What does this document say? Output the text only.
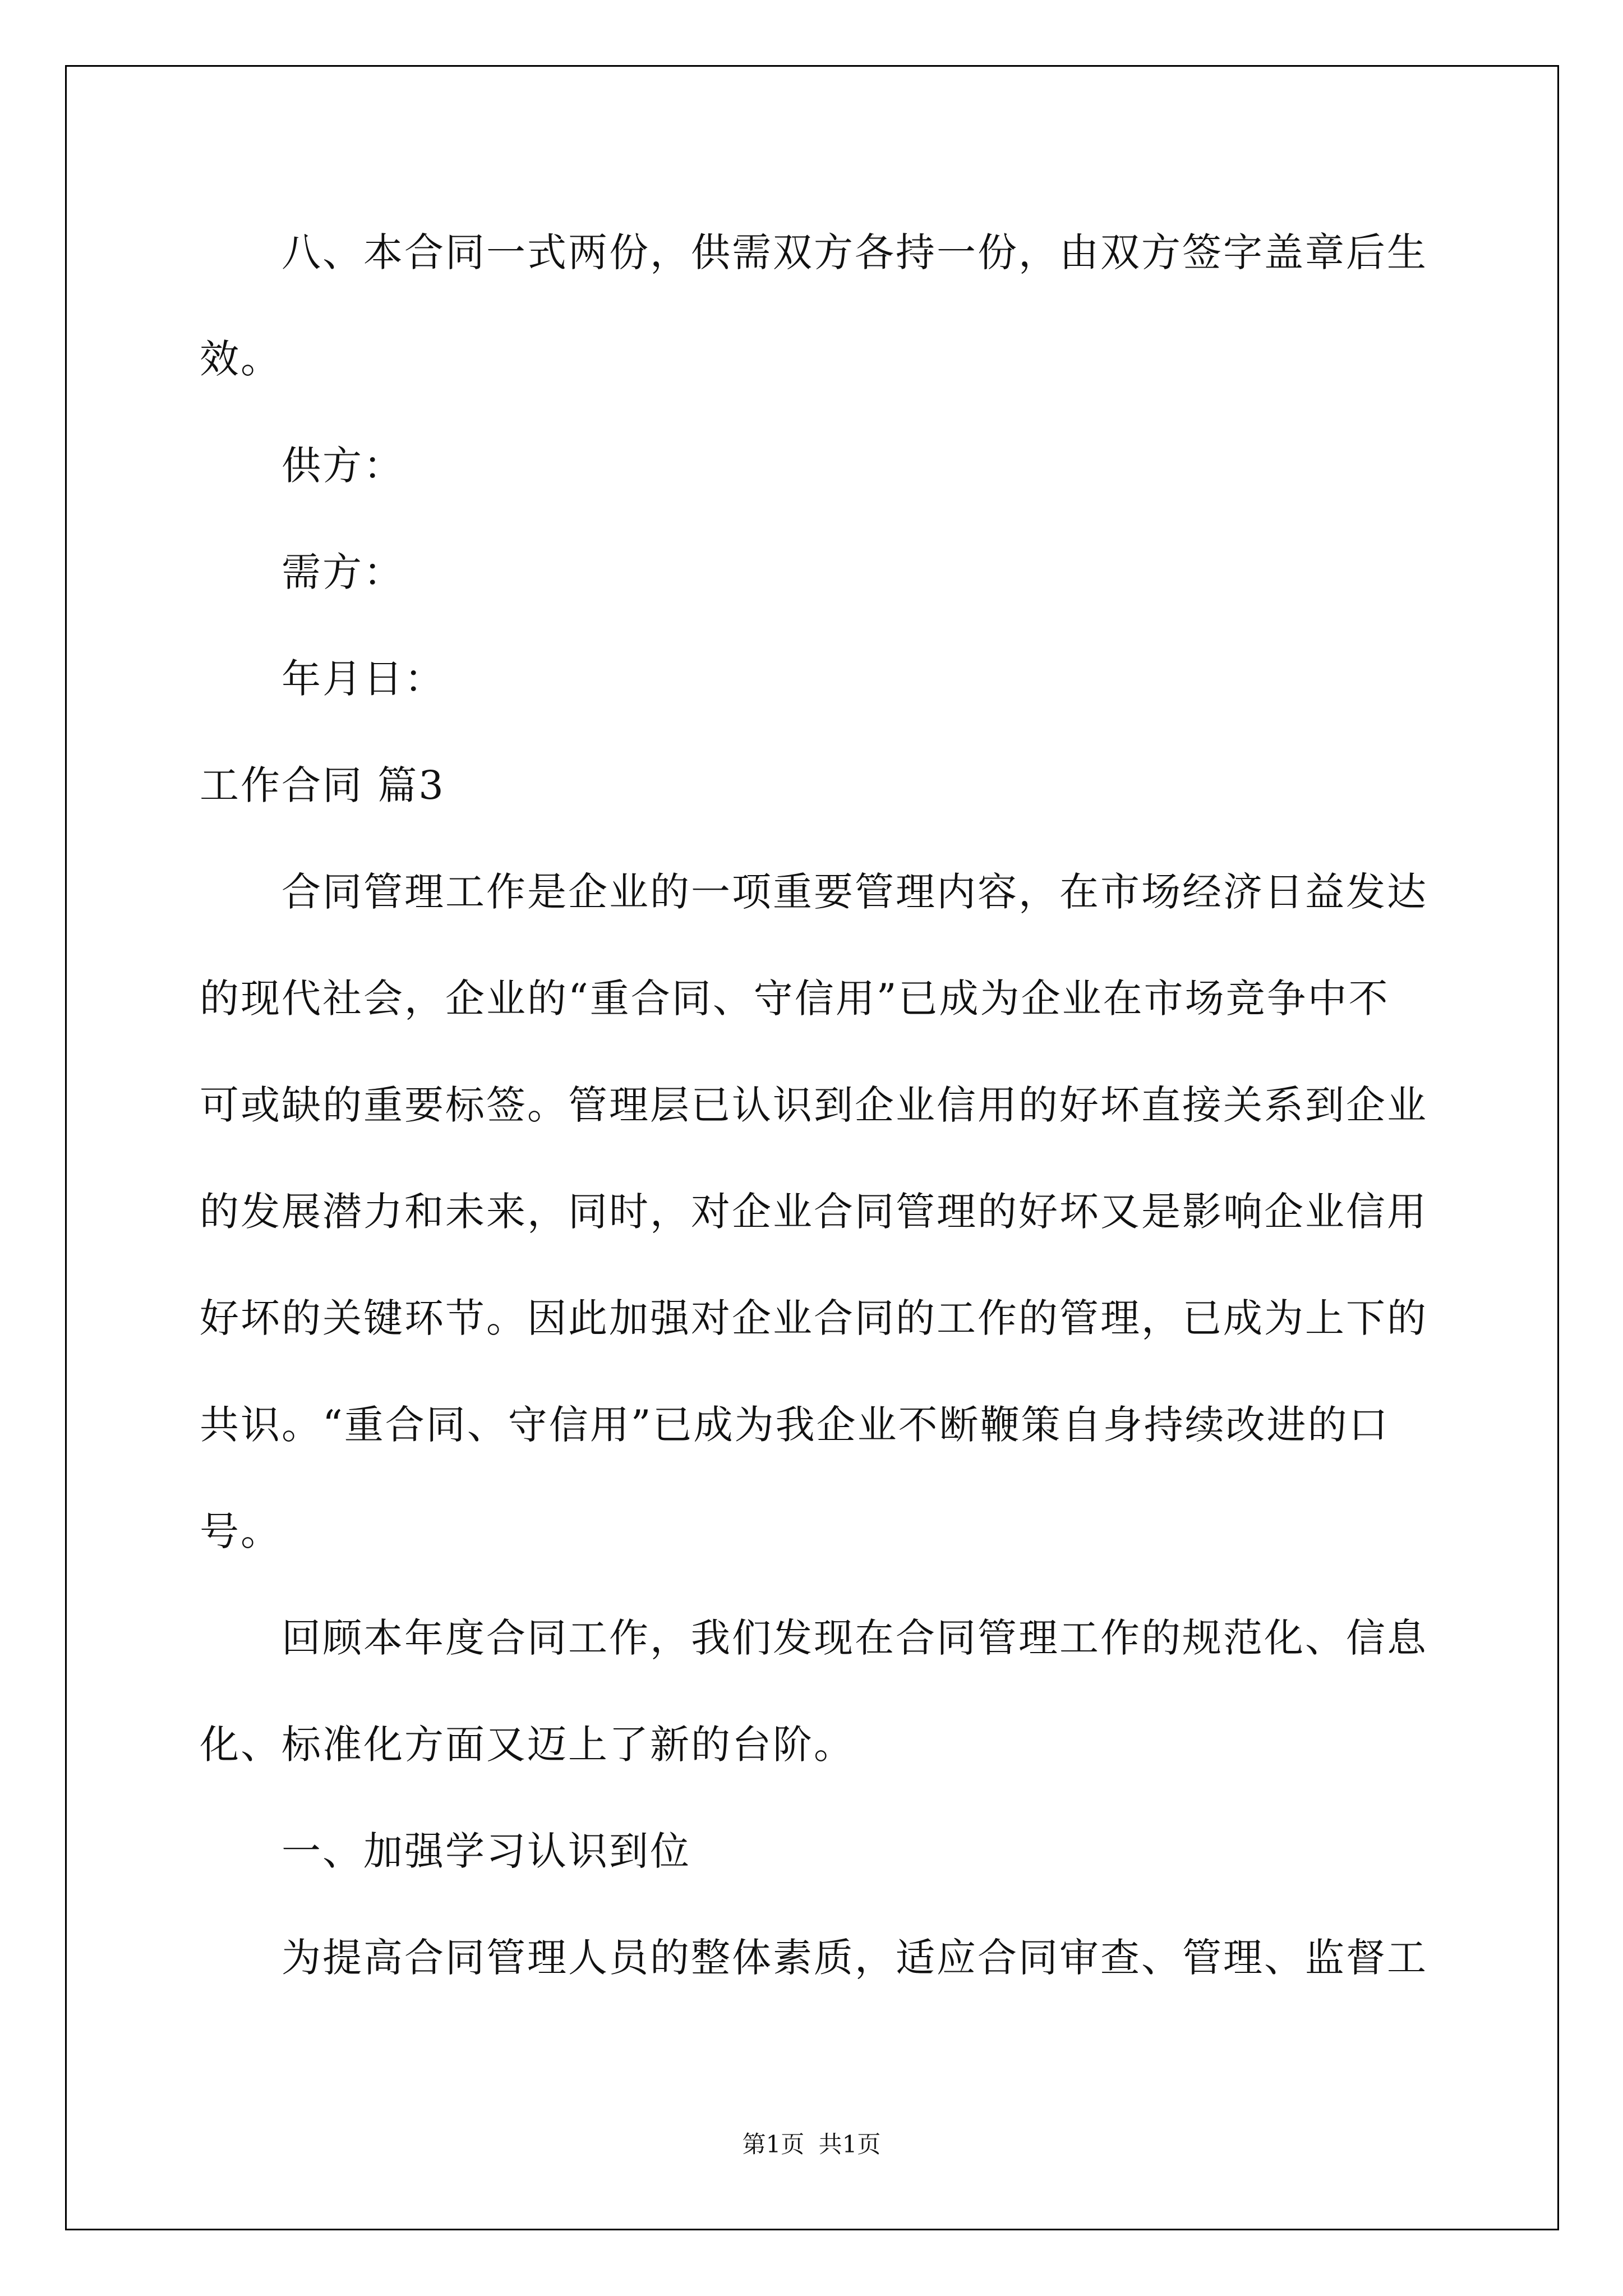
八、本合同一式两份，供需双方各持一份，由双方签字盖章后生
效。
供方：
需方：
年月日：
工作合同 篇3
合同管理工作是企业的一项重要管理内容，在市场经济日益发达
的现代社会，企业的“重合同、守信用”已成为企业在市场竞争中不
可或缺的重要标签。管理层已认识到企业信用的好坏直接关系到企业
的发展潜力和未来，同时，对企业合同管理的好坏又是影响企业信用
好坏的关键环节。因此加强对企业合同的工作的管理，已成为上下的
共识。“重合同、守信用”已成为我企业不断鞭策自身持续改进的口
号。
回顾本年度合同工作，我们发现在合同管理工作的规范化、信息
化、标准化方面又迈上了新的台阶。
一、加强学习认识到位
为提高合同管理人员的整体素质，适应合同审查、管理、监督工
第1页 共1页
